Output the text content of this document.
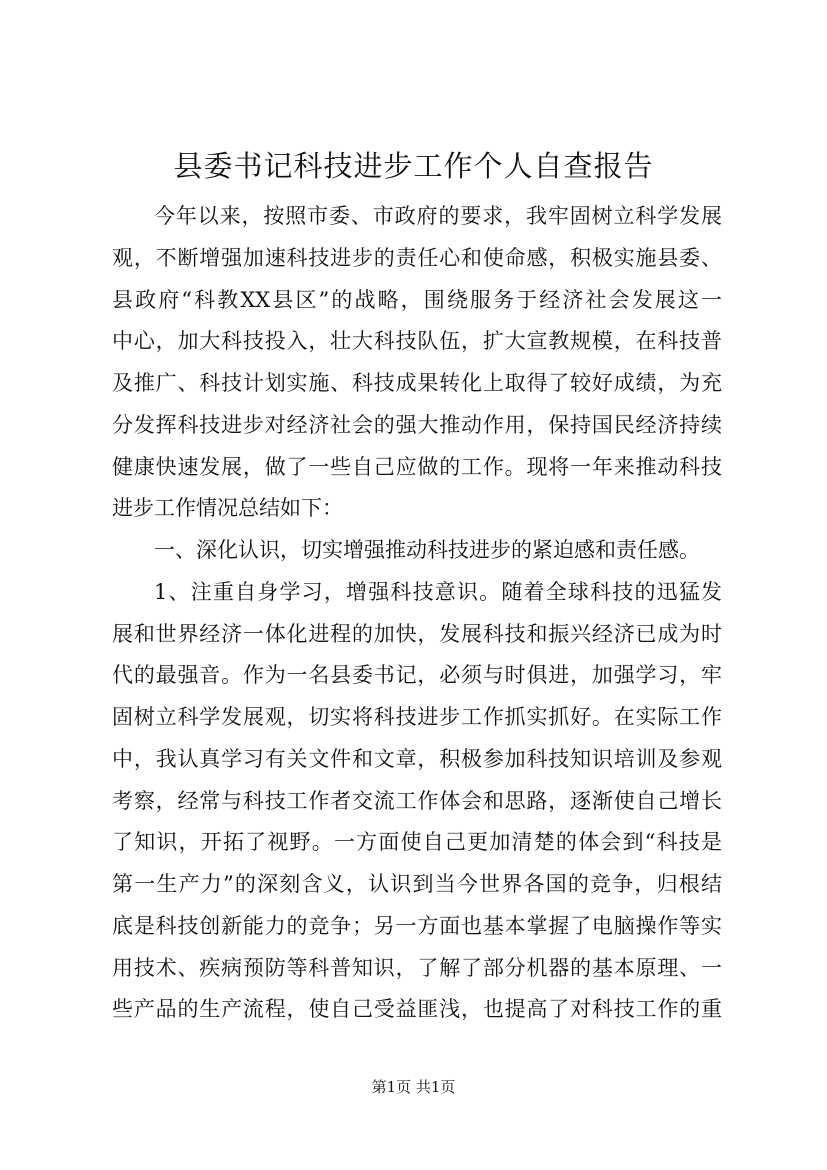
县委书记科技进步工作个人自查报告
今年以来，按照市委、市政府的要求，我牢固树立科学发展
观，不断增强加速科技进步的责任心和使命感，积极实施县委、
县政府“科教XX县区”的战略，围绕服务于经济社会发展这一
中心，加大科技投入，壮大科技队伍，扩大宣教规模，在科技普
及推广、科技计划实施、科技成果转化上取得了较好成绩，为充
分发挥科技进步对经济社会的强大推动作用，保持国民经济持续
健康快速发展，做了一些自己应做的工作。现将一年来推动科技
进步工作情况总结如下：
一、深化认识，切实增强推动科技进步的紧迫感和责任感。
1、注重自身学习，增强科技意识。随着全球科技的迅猛发
展和世界经济一体化进程的加快，发展科技和振兴经济已成为时
代的最强音。作为一名县委书记，必须与时俱进，加强学习，牢
固树立科学发展观，切实将科技进步工作抓实抓好。在实际工作
中，我认真学习有关文件和文章，积极参加科技知识培训及参观
考察，经常与科技工作者交流工作体会和思路，逐渐使自己增长
了知识，开拓了视野。一方面使自己更加清楚的体会到“科技是
第一生产力”的深刻含义，认识到当今世界各国的竞争，归根结
底是科技创新能力的竞争；另一方面也基本掌握了电脑操作等实
用技术、疾病预防等科普知识，了解了部分机器的基本原理、一
些产品的生产流程，使自己受益匪浅，也提高了对科技工作的重
第1页 共1页
